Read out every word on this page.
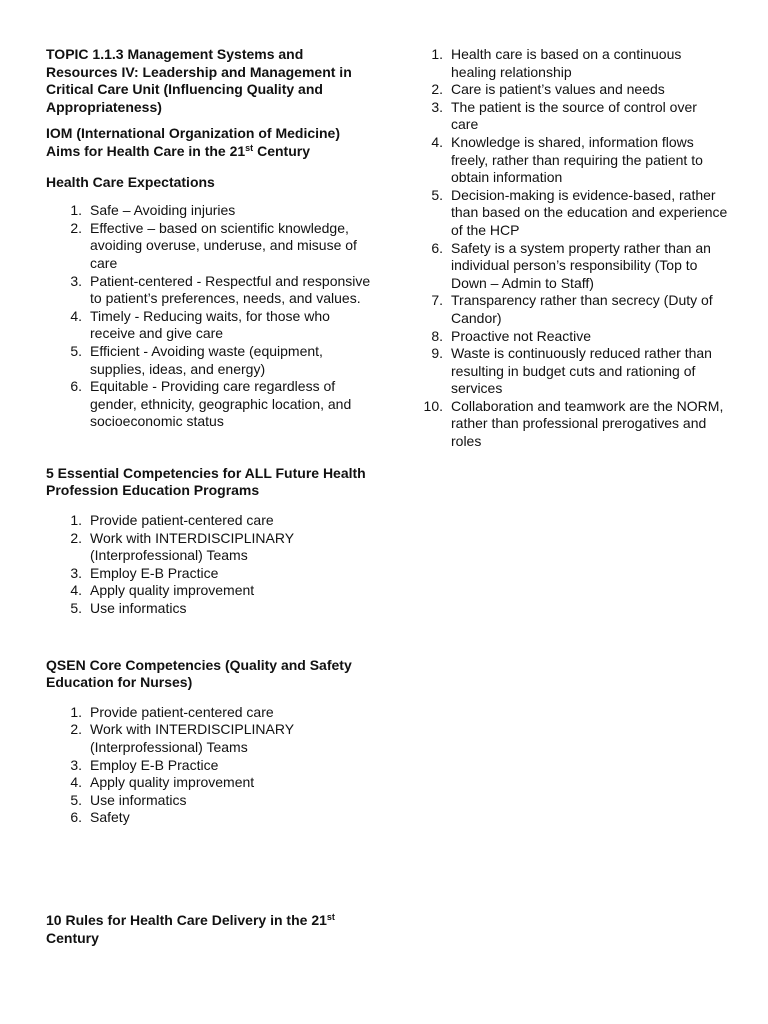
TOPIC 1.1.3 Management Systems and Resources IV: Leadership and Management in Critical Care Unit (Influencing Quality and Appropriateness)

IOM (International Organization of Medicine) Aims for Health Care in the 21st Century

Health Care Expectations

1. Safe – Avoiding injuries
2. Effective – based on scientific knowledge, avoiding overuse, underuse, and misuse of care
3. Patient-centered - Respectful and responsive to patient’s preferences, needs, and values.
4. Timely - Reducing waits, for those who receive and give care
5. Efficient - Avoiding waste (equipment, supplies, ideas, and energy)
6. Equitable - Providing care regardless of gender, ethnicity, geographic location, and socioeconomic status

5 Essential Competencies for ALL Future Health Profession Education Programs

1. Provide patient-centered care
2. Work with INTERDISCIPLINARY (Interprofessional) Teams
3. Employ E-B Practice
4. Apply quality improvement
5. Use informatics

QSEN Core Competencies (Quality and Safety Education for Nurses)

1. Provide patient-centered care
2. Work with INTERDISCIPLINARY (Interprofessional) Teams
3. Employ E-B Practice
4. Apply quality improvement
5. Use informatics
6. Safety

10 Rules for Health Care Delivery in the 21st Century

1. Health care is based on a continuous healing relationship
2. Care is patient’s values and needs
3. The patient is the source of control over care
4. Knowledge is shared, information flows freely, rather than requiring the patient to obtain information
5. Decision-making is evidence-based, rather than based on the education and experience of the HCP
6. Safety is a system property rather than an individual person’s responsibility (Top to Down – Admin to Staff)
7. Transparency rather than secrecy (Duty of Candor)
8. Proactive not Reactive
9. Waste is continuously reduced rather than resulting in budget cuts and rationing of services
10. Collaboration and teamwork are the NORM, rather than professional prerogatives and roles
